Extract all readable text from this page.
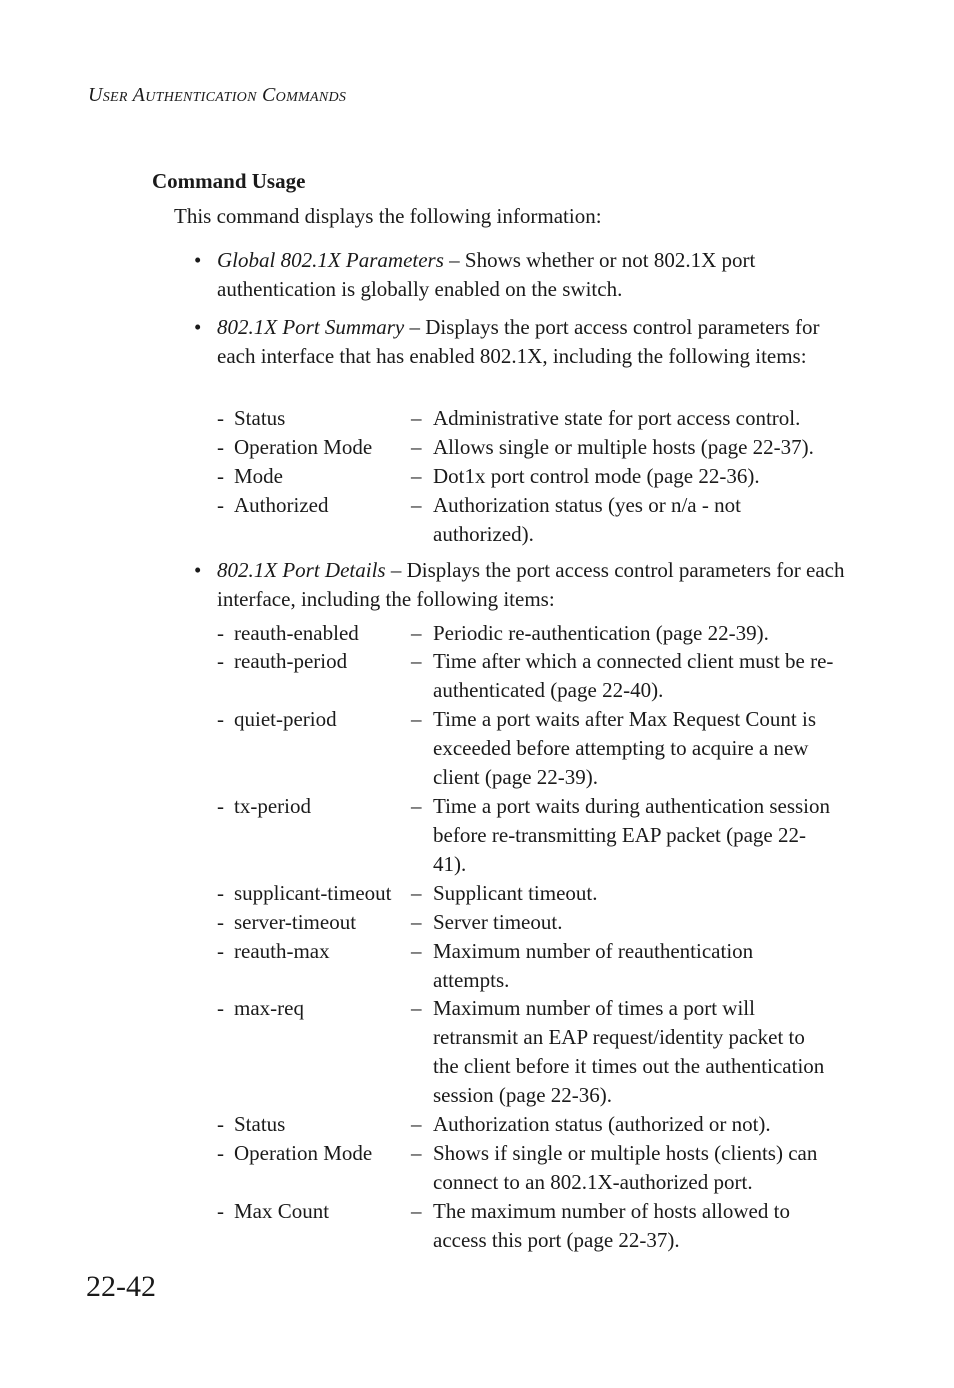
User Authentication Commands
Command Usage
This command displays the following information:
• Global 802.1X Parameters – Shows whether or not 802.1X port authentication is globally enabled on the switch.
• 802.1X Port Summary – Displays the port access control parameters for each interface that has enabled 802.1X, including the following items:
- Status	– Administrative state for port access control.
- Operation Mode – Allows single or multiple hosts (page 22-37).
- Mode	– Dot1x port control mode (page 22-36).
- Authorized	– Authorization status (yes or n/a - not authorized).
• 802.1X Port Details – Displays the port access control parameters for each interface, including the following items:
- reauth-enabled – Periodic re-authentication (page 22-39).
- reauth-period	– Time after which a connected client must be re-authenticated (page 22-40).
- quiet-period	– Time a port waits after Max Request Count is exceeded before attempting to acquire a new client (page 22-39).
- tx-period	– Time a port waits during authentication session before re-transmitting EAP packet (page 22-41).
- supplicant-timeout – Supplicant timeout.
- server-timeout	– Server timeout.
- reauth-max	– Maximum number of reauthentication attempts.
- max-req	– Maximum number of times a port will retransmit an EAP request/identity packet to the client before it times out the authentication session (page 22-36).
- Status	– Authorization status (authorized or not).
- Operation Mode – Shows if single or multiple hosts (clients) can connect to an 802.1X-authorized port.
- Max Count	– The maximum number of hosts allowed to access this port (page 22-37).
22-42
